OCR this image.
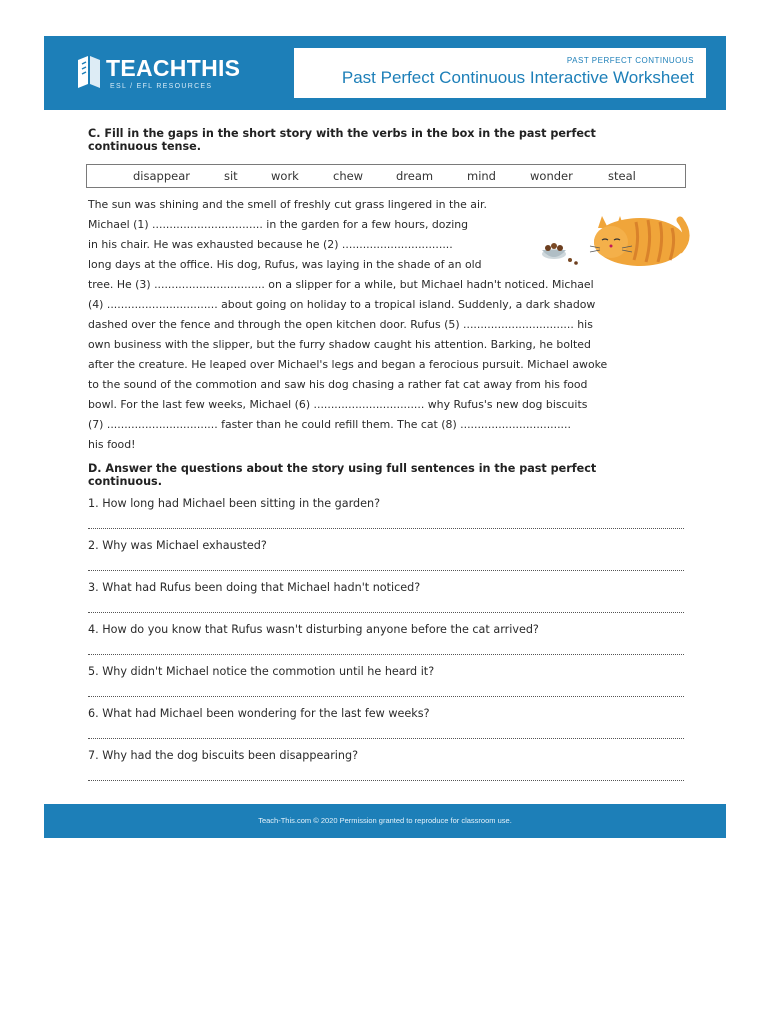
TEACHTHIS
ESL / EFL RESOURCES
PAST PERFECT CONTINUOUS
Past Perfect Continuous Interactive Worksheet
C. Fill in the gaps in the short story with the verbs in the box in the past perfect
continuous tense.
disappear	sit	work	chew	dream	mind	wonder	steal
The sun was shining and the smell of freshly cut grass lingered in the air.
Michael (1) ................................ in the garden for a few hours, dozing
in his chair. He was exhausted because he (2) ................................
long days at the office. His dog, Rufus, was laying in the shade of an old
tree. He (3) ................................ on a slipper for a while, but Michael hadn't noticed. Michael
(4) ................................ about going on holiday to a tropical island. Suddenly, a dark shadow
dashed over the fence and through the open kitchen door. Rufus (5) ................................ his
own business with the slipper, but the furry shadow caught his attention. Barking, he bolted
after the creature. He leaped over Michael's legs and began a ferocious pursuit. Michael awoke
to the sound of the commotion and saw his dog chasing a rather fat cat away from his food
bowl. For the last few weeks, Michael (6) ................................ why Rufus's new dog biscuits
(7) ................................ faster than he could refill them. The cat (8) ................................
his food!
D. Answer the questions about the story using full sentences in the past perfect
continuous.
1. How long had Michael been sitting in the garden?
2. Why was Michael exhausted?
3. What had Rufus been doing that Michael hadn't noticed?
4. How do you know that Rufus wasn't disturbing anyone before the cat arrived?
5. Why didn't Michael notice the commotion until he heard it?
6. What had Michael been wondering for the last few weeks?
7. Why had the dog biscuits been disappearing?
Teach-This.com © 2020 Permission granted to reproduce for classroom use.
